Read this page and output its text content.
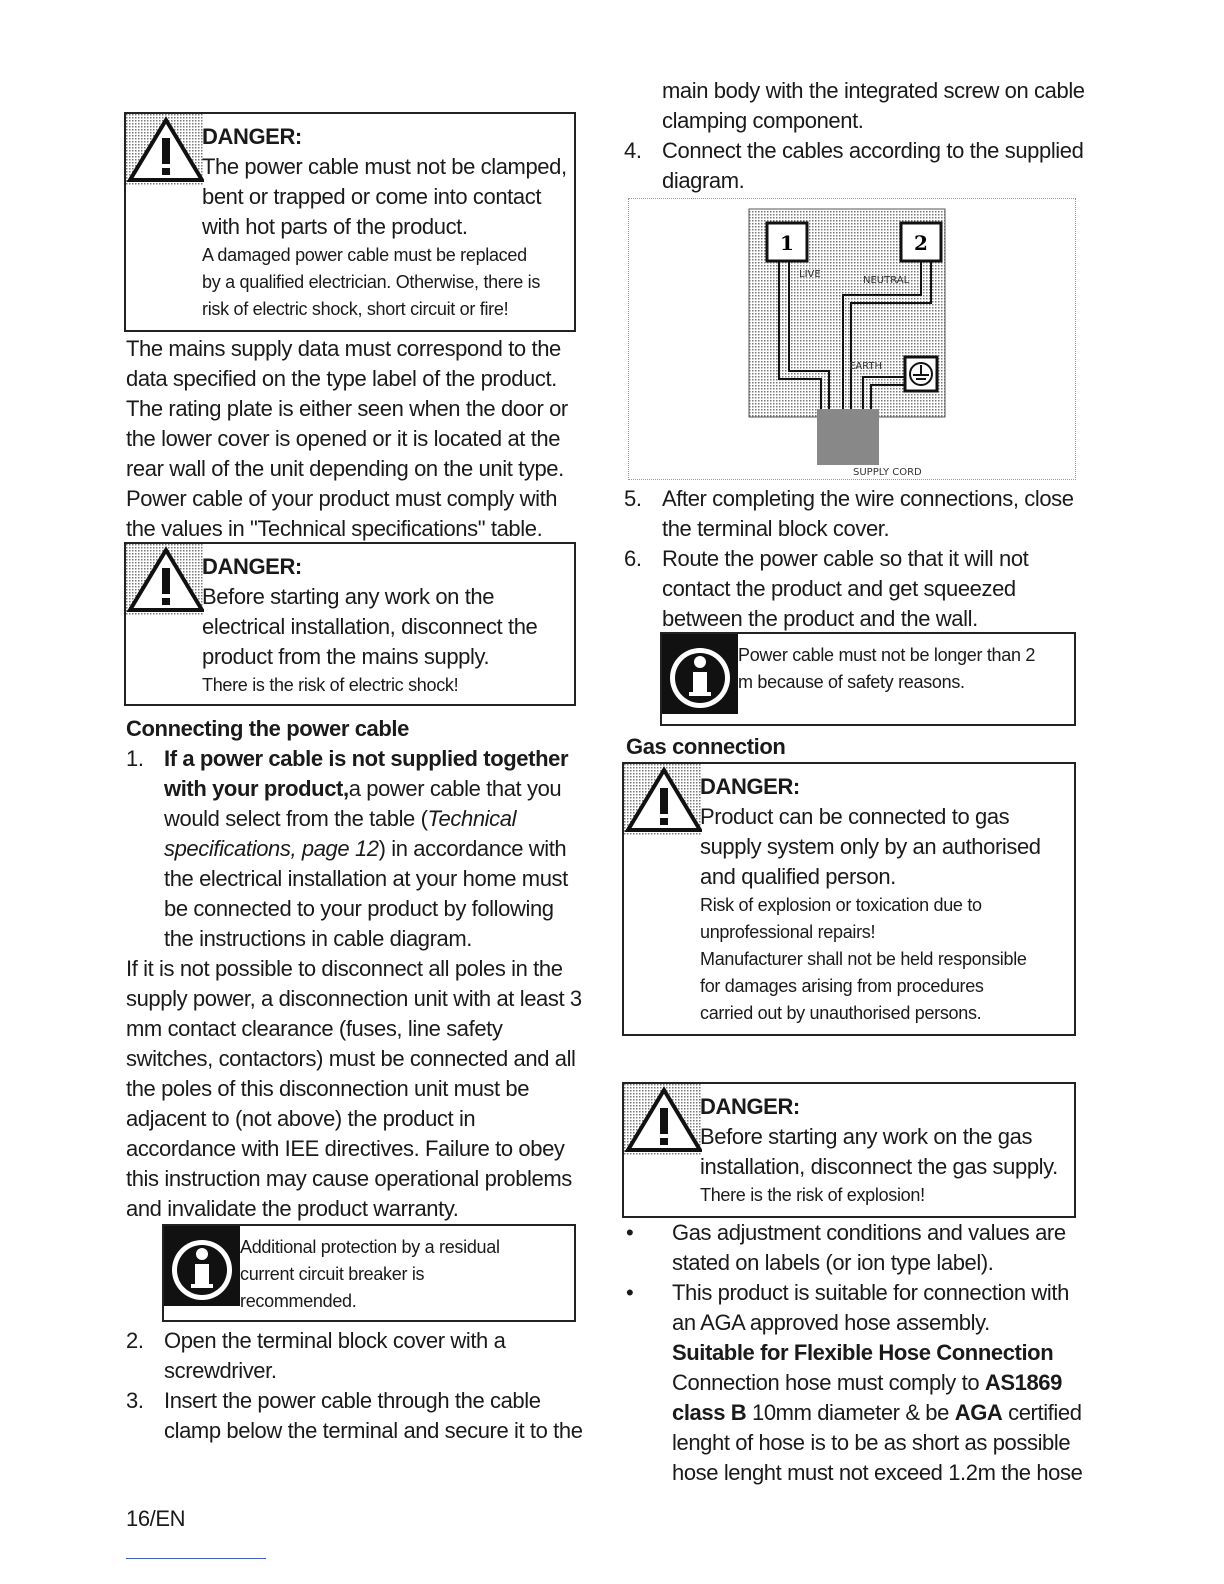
DANGER:
The power cable must not be clamped,
bent or trapped or come into contact
with hot parts of the product.
A damaged power cable must be replaced
by a qualified electrician. Otherwise, there is
risk of electric shock, short circuit or fire!
The mains supply data must correspond to the
data specified on the type label of the product.
The rating plate is either seen when the door or
the lower cover is opened or it is located at the
rear wall of the unit depending on the unit type.
Power cable of your product must comply with
the values in "Technical specifications" table.
DANGER:
Before starting any work on the
electrical installation, disconnect the
product from the mains supply.
There is the risk of electric shock!
Connecting the power cable
1. If a power cable is not supplied together
with your product,a power cable that you
would select from the table (Technical
specifications, page 12) in accordance with
the electrical installation at your home must
be connected to your product by following
the instructions in cable diagram.
If it is not possible to disconnect all poles in the
supply power, a disconnection unit with at least 3
mm contact clearance (fuses, line safety
switches, contactors) must be connected and all
the poles of this disconnection unit must be
adjacent to (not above) the product in
accordance with IEE directives. Failure to obey
this instruction may cause operational problems
and invalidate the product warranty.
Additional protection by a residual
current circuit breaker is
recommended.
2. Open the terminal block cover with a
screwdriver.
3. Insert the power cable through the cable
clamp below the terminal and secure it to the
16/EN
main body with the integrated screw on cable
clamping component.
4. Connect the cables according to the supplied
diagram.
1	2
LIVE
NEUTRAL
EARTH
SUPPLY CORD
5. After completing the wire connections, close
the terminal block cover.
6. Route the power cable so that it will not
contact the product and get squeezed
between the product and the wall.
Power cable must not be longer than 2
m because of safety reasons.
Gas connection
DANGER:
Product can be connected to gas
supply system only by an authorised
and qualified person.
Risk of explosion or toxication due to
unprofessional repairs!
Manufacturer shall not be held responsible
for damages arising from procedures
carried out by unauthorised persons.
DANGER:
Before starting any work on the gas
installation, disconnect the gas supply.
There is the risk of explosion!
• Gas adjustment conditions and values are
stated on labels (or ion type label).
• This product is suitable for connection with
an AGA approved hose assembly.
Suitable for Flexible Hose Connection
Connection hose must comply to AS1869
class B 10mm diameter & be AGA certified
lenght of hose is to be as short as possible
hose lenght must not exceed 1.2m the hose
